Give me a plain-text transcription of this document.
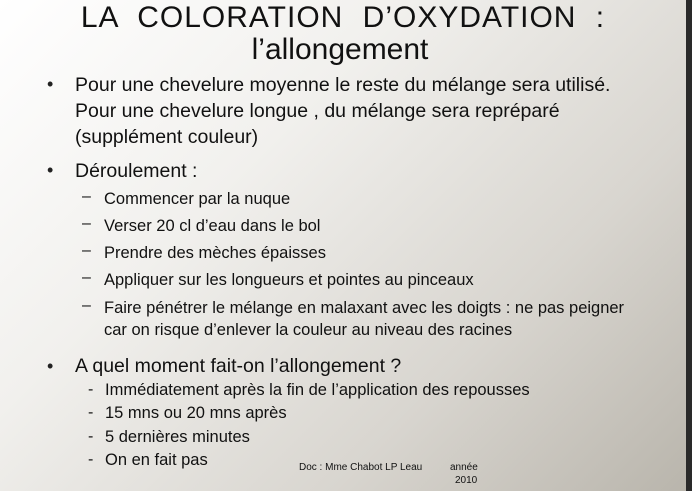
LA COLORATION D’OXYDATION :
l’allongement
• Pour une chevelure moyenne le reste du mélange sera utilisé.
Pour une chevelure longue , du mélange sera repréparé
(supplément couleur)
• Déroulement :
– Commencer par la nuque
– Verser 20 cl d’eau dans le bol
– Prendre des mèches épaisses
– Appliquer sur les longueurs et pointes au pinceaux
– Faire pénétrer le mélange en malaxant avec les doigts : ne pas peigner
car on risque d’enlever la couleur au niveau des racines
• A quel moment fait-on l’allongement ?
- Immédiatement après la fin de l’application des repousses
- 15 mns ou 20 mns après
- 5 dernières minutes
- On en fait pas	Doc : Mme Chabot LP Leau	année
2010
